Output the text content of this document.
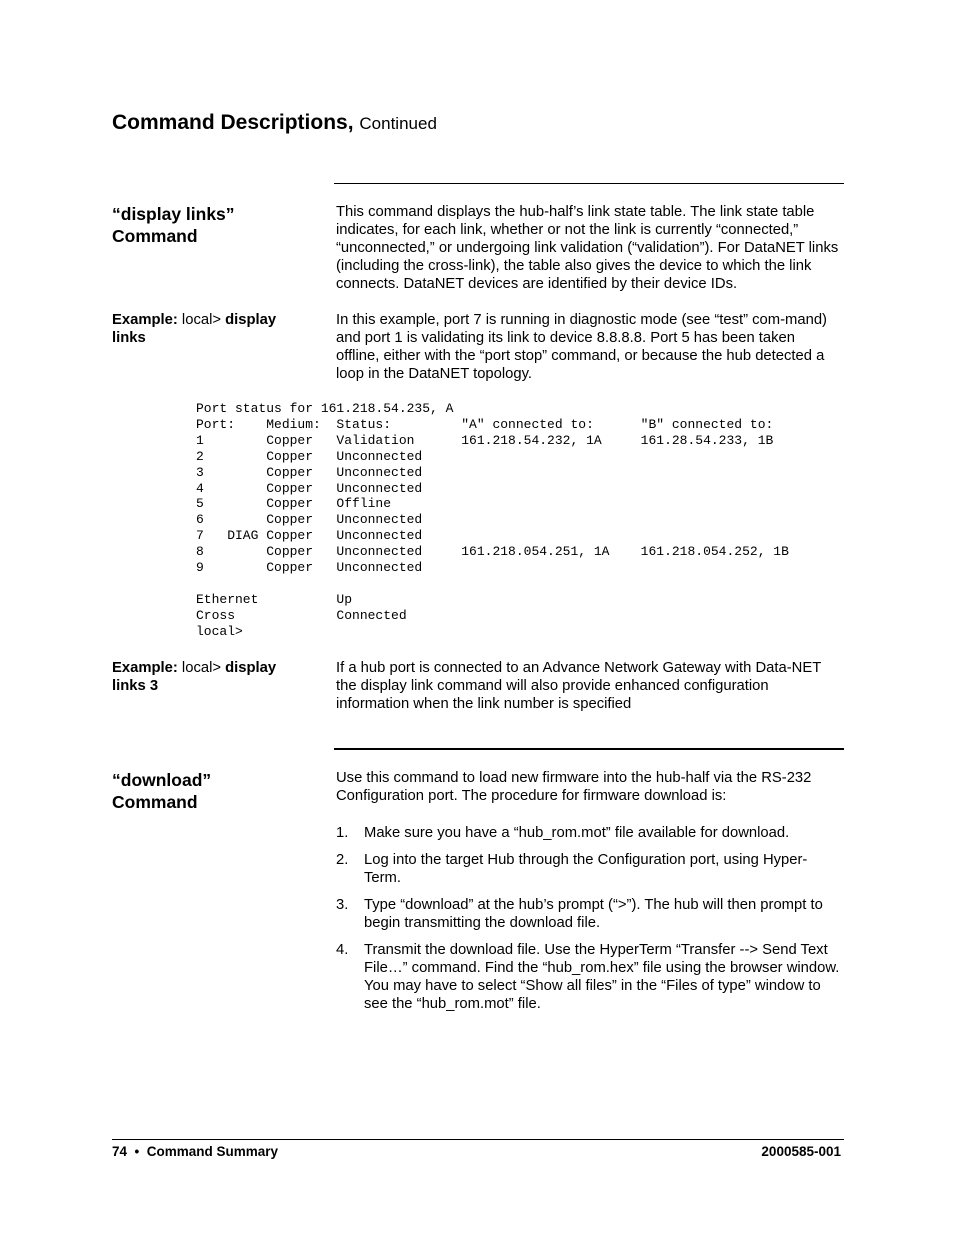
Command Descriptions, Continued
“display links” Command
This command displays the hub-half’s link state table. The link state table indicates, for each link, whether or not the link is currently “connected,” “unconnected,” or undergoing link validation (“validation”). For DataNET links (including the cross-link), the table also gives the device to which the link connects. DataNET devices are identified by their device IDs.
Example: local> display links
In this example, port 7 is running in diagnostic mode (see “test” com-mand) and port 1 is validating its link to device 8.8.8.8. Port 5 has been taken offline, either with the “port stop” command, or because the hub detected a loop in the DataNET topology.
Port status for 161.218.54.235, A
Port:    Medium:  Status:         "A" connected to:      "B" connected to:
1        Copper   Validation      161.218.54.232, 1A     161.28.54.233, 1B
2        Copper   Unconnected
3        Copper   Unconnected
4        Copper   Unconnected
5        Copper   Offline
6        Copper   Unconnected
7   DIAG Copper   Unconnected
8        Copper   Unconnected     161.218.054.251, 1A    161.218.054.252, 1B
9        Copper   Unconnected

Ethernet          Up
Cross             Connected
local>
Example: local> display links 3
If a hub port is connected to an Advance Network Gateway with Data-NET the display link command will also provide enhanced configuration information when the link number is specified
“download” Command
Use this command to load new firmware into the hub-half via the RS-232 Configuration port. The procedure for firmware download is:
1. Make sure you have a “hub_rom.mot” file available for download.
2. Log into the target Hub through the Configuration port, using Hyper-Term.
3. Type “download” at the hub’s prompt (“>”). The hub will then prompt to begin transmitting the download file.
4. Transmit the download file. Use the HyperTerm “Transfer --> Send Text File…” command. Find the “hub_rom.hex” file using the browser window. You may have to select “Show all files” in the “Files of type” window to see the “hub_rom.mot” file.
74  •  Command Summary	2000585-001
